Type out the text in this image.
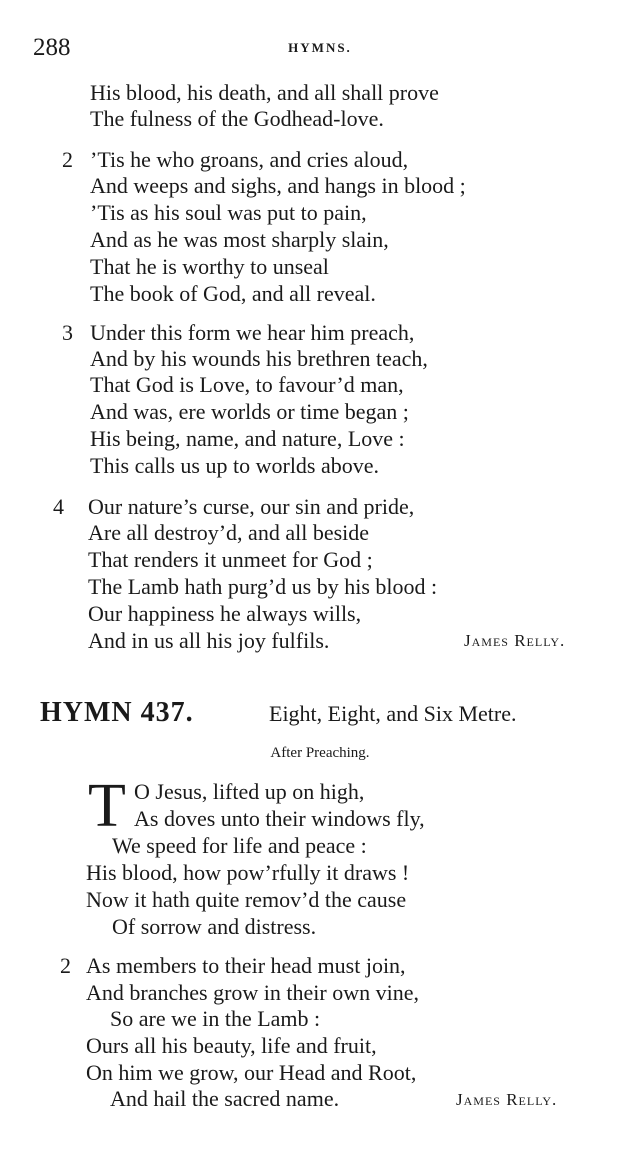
288	HYMNS.
His blood, his death, and all shall prove
The fulness of the Godhead-love.
2 ’Tis he who groans, and cries aloud,
And weeps and sighs, and hangs in blood ;
’Tis as his soul was put to pain,
And as he was most sharply slain,
That he is worthy to unseal
The book of God, and all reveal.
3 Under this form we hear him preach,
And by his wounds his brethren teach,
That God is Love, to favour’d man,
And was, ere worlds or time began ;
His being, name, and nature, Love :
This calls us up to worlds above.
4 Our nature’s curse, our sin and pride,
Are all destroy’d, and all beside
That renders it unmeet for God ;
The Lamb hath purg’d us by his blood :
Our happiness he always wills,
And in us all his joy fulfils.	James Relly.
HYMN 437.	Eight, Eight, and Six Metre.
After Preaching.
T O Jesus, lifted up on high,
As doves unto their windows fly,
We speed for life and peace :
His blood, how pow’rfully it draws !
Now it hath quite remov’d the cause
Of sorrow and distress.
2 As members to their head must join,
And branches grow in their own vine,
So are we in the Lamb :
Ours all his beauty, life and fruit,
On him we grow, our Head and Root,
And hail the sacred name.	James Relly.
